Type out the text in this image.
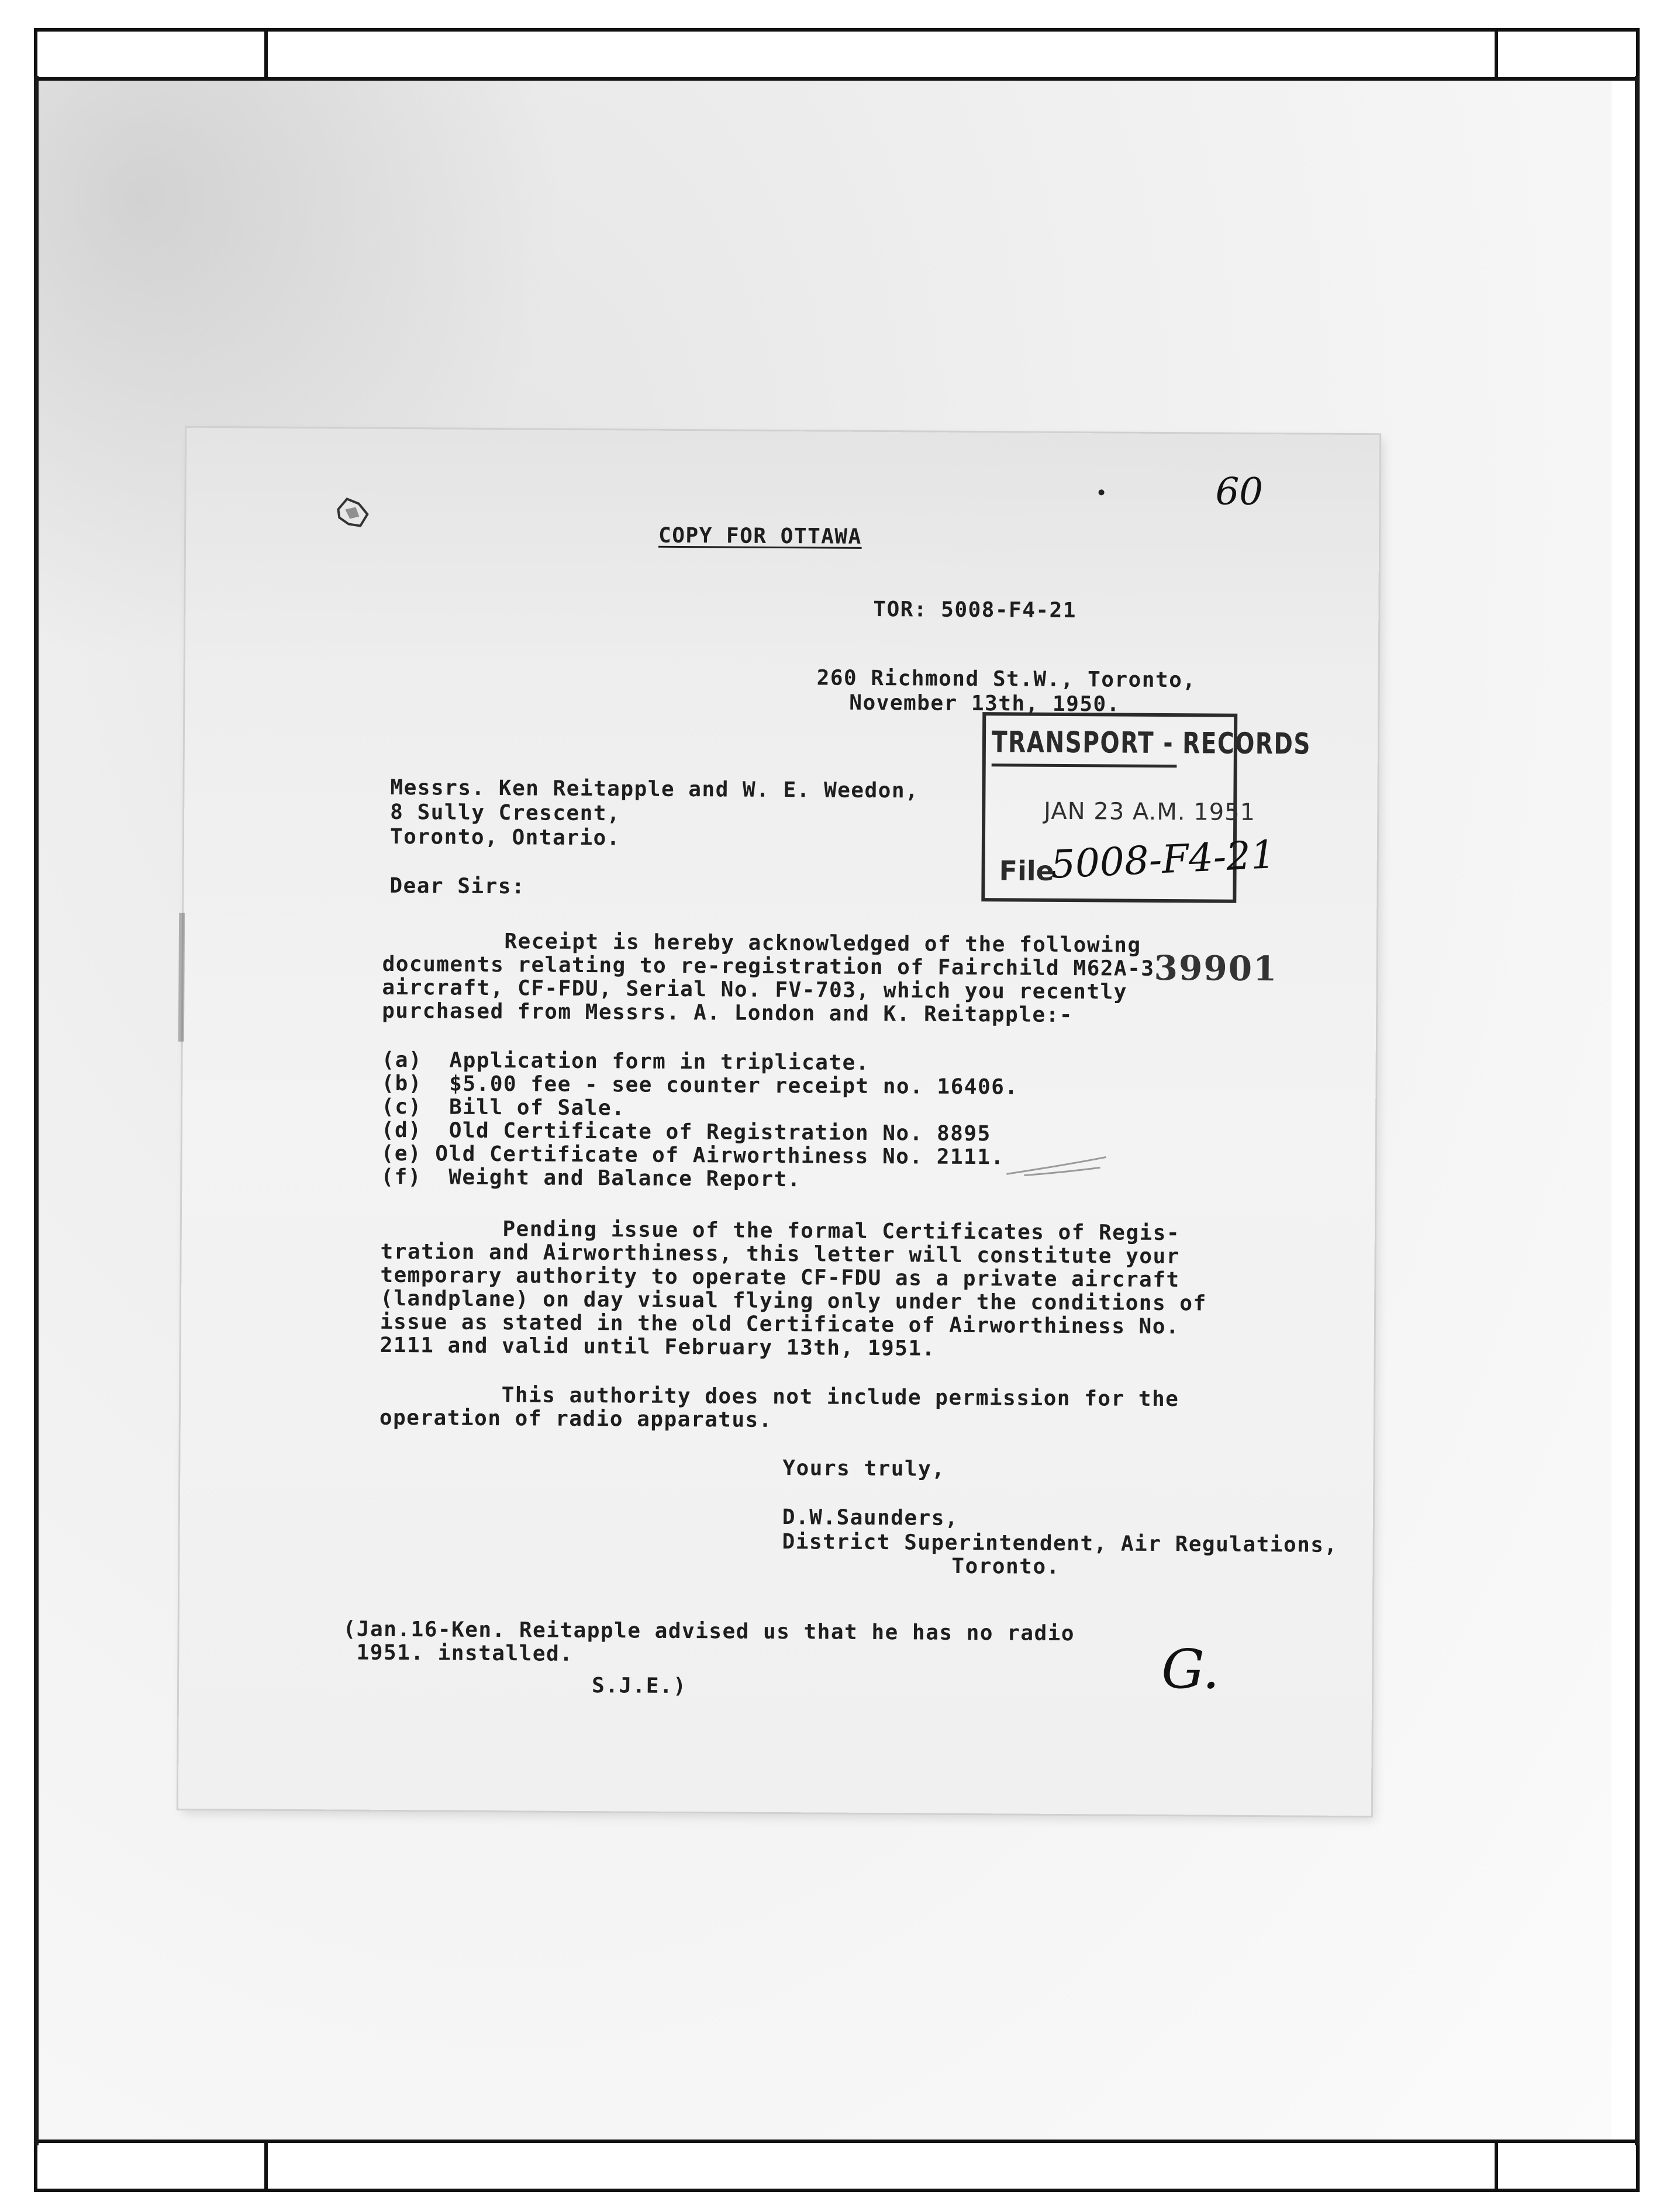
60
COPY FOR OTTAWA
TOR: 5008-F4-21
260 Richmond St.W., Toronto,
November 13th, 1950.
TRANSPORT - RECORDS
JAN 23 A.M. 1951
File
5008-F4-21
39901
Messrs. Ken Reitapple and W. E. Weedon,
8 Sully Crescent,
Toronto, Ontario.
Dear Sirs:
Receipt is hereby acknowledged of the following
documents relating to re-registration of Fairchild M62A-3
aircraft, CF-FDU, Serial No. FV-703, which you recently
purchased from Messrs. A. London and K. Reitapple:-
(a)  Application form in triplicate.
(b)  $5.00 fee - see counter receipt no. 16406.
(c)  Bill of Sale.
(d)  Old Certificate of Registration No. 8895
(e) Old Certificate of Airworthiness No. 2111.
(f)  Weight and Balance Report.
Pending issue of the formal Certificates of Regis-
tration and Airworthiness, this letter will constitute your
temporary authority to operate CF-FDU as a private aircraft
(landplane) on day visual flying only under the conditions of
issue as stated in the old Certificate of Airworthiness No.
2111 and valid until February 13th, 1951.
This authority does not include permission for the
operation of radio apparatus.
Yours truly,
D.W.Saunders,
District Superintendent, Air Regulations,
Toronto.
(Jan.16-Ken. Reitapple advised us that he has no radio
1951. installed.
S.J.E.)	G.
